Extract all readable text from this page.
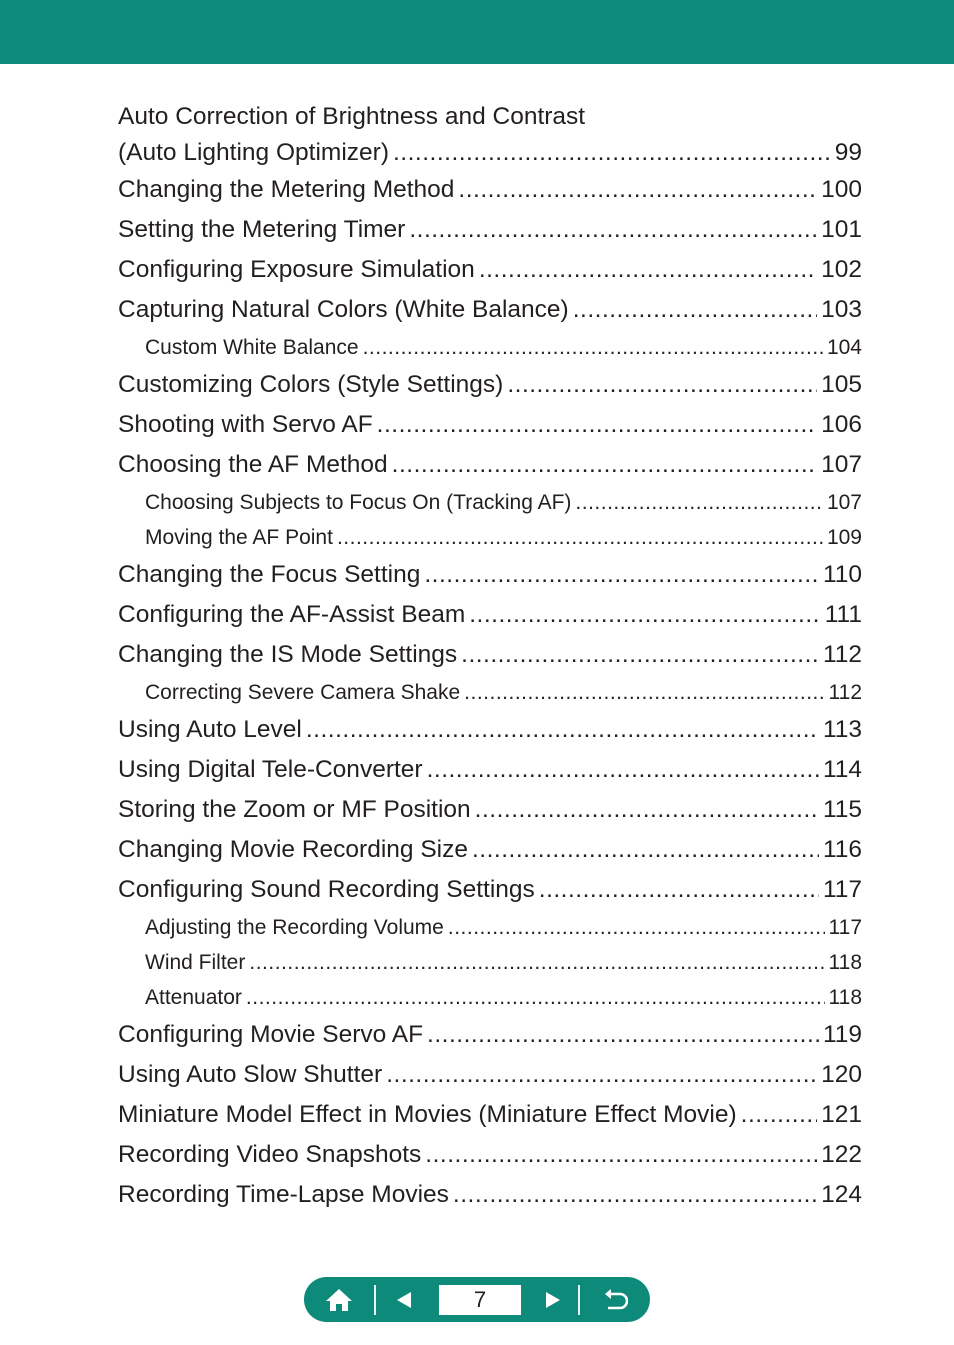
Auto Correction of Brightness and Contrast
(Auto Lighting Optimizer) .....	99
Changing the Metering Method .....	100
Setting the Metering Timer .....	101
Configuring Exposure Simulation .....	102
Capturing Natural Colors (White Balance) .....	103
Custom White Balance .....	104
Customizing Colors (Style Settings) .....	105
Shooting with Servo AF .....	106
Choosing the AF Method .....	107
Choosing Subjects to Focus On (Tracking AF) .....	107
Moving the AF Point .....	109
Changing the Focus Setting .....	110
Configuring the AF-Assist Beam .....	111
Changing the IS Mode Settings .....	112
Correcting Severe Camera Shake .....	112
Using Auto Level .....	113
Using Digital Tele-Converter .....	114
Storing the Zoom or MF Position .....	115
Changing Movie Recording Size .....	116
Configuring Sound Recording Settings .....	117
Adjusting the Recording Volume .....	117
Wind Filter .....	118
Attenuator .....	118
Configuring Movie Servo AF .....	119
Using Auto Slow Shutter .....	120
Miniature Model Effect in Movies (Miniature Effect Movie) .....	121
Recording Video Snapshots .....	122
Recording Time-Lapse Movies .....	124
7
